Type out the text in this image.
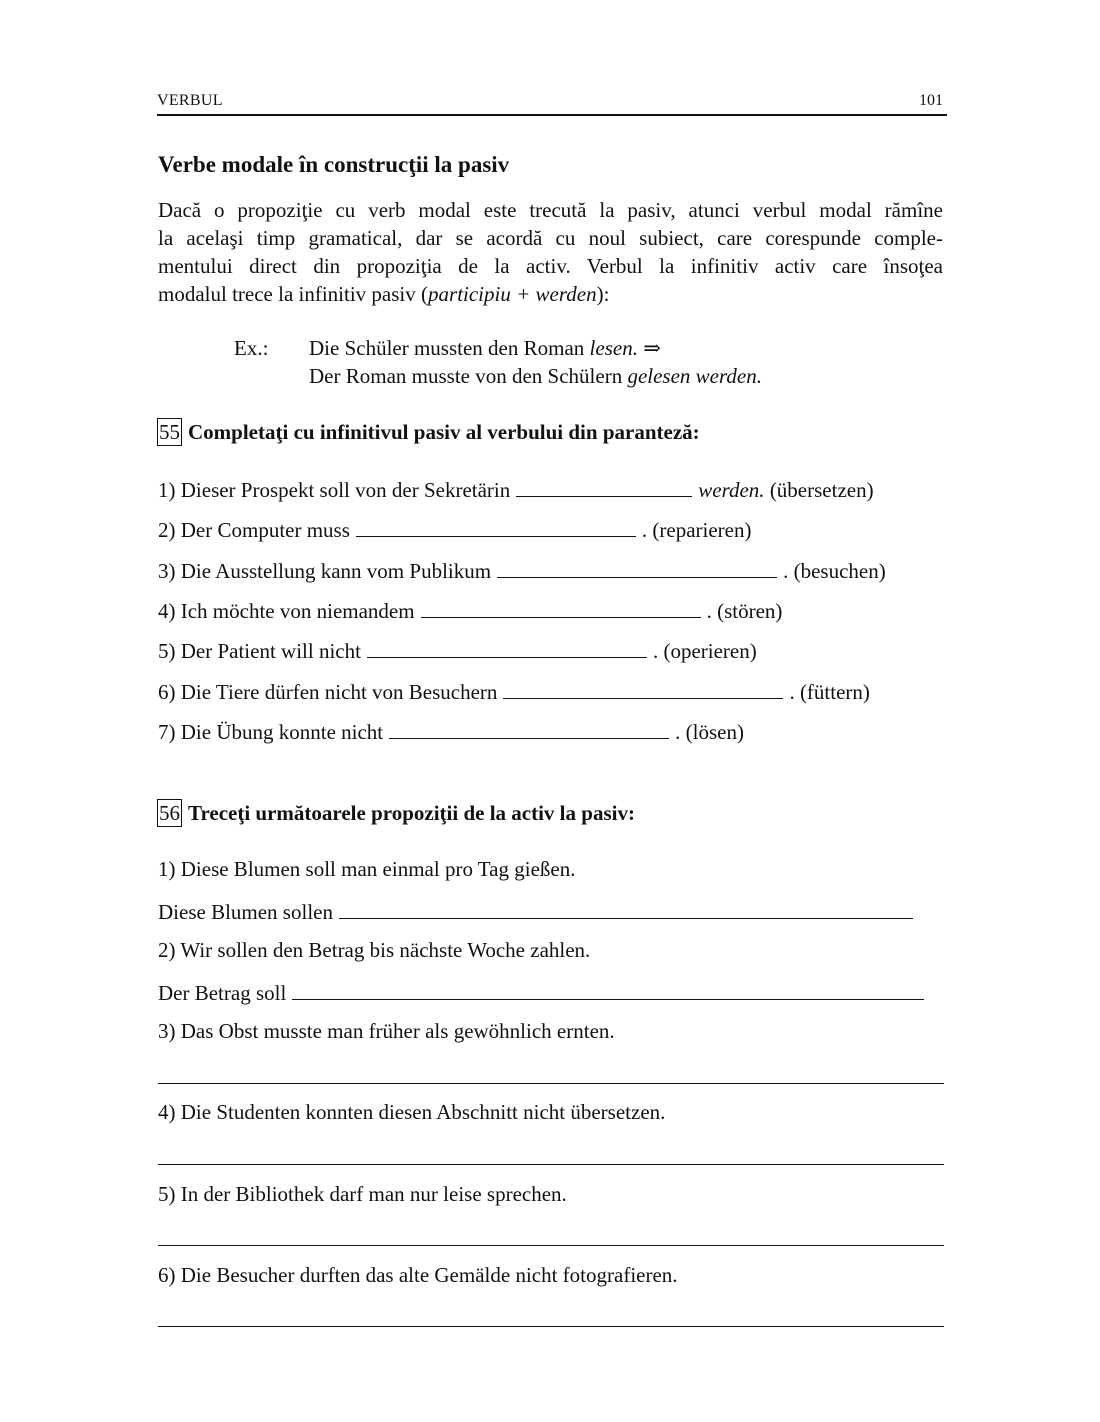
VERBUL	101
Verbe modale în construcţii la pasiv
Dacă o propoziţie cu verb modal este trecută la pasiv, atunci verbul modal rămîne
la acelaşi timp gramatical, dar se acordă cu noul subiect, care corespunde comple-
mentului direct din propoziţia de la activ. Verbul la infinitiv activ care însoţea
modalul trece la infinitiv pasiv (participiu + werden):
Ex.: Die Schüler mussten den Roman lesen. ⇒
Der Roman musste von den Schülern gelesen werden.
55 Completaţi cu infinitivul pasiv al verbului din paranteză:
1) Dieser Prospekt soll von der Sekretärin	werden. (übersetzen)
2) Der Computer muss	. (reparieren)
3) Die Ausstellung kann vom Publikum	. (besuchen)
4) Ich möchte von niemandem	. (stören)
5) Der Patient will nicht	. (operieren)
6) Die Tiere dürfen nicht von Besuchern	. (füttern)
7) Die Übung konnte nicht	. (lösen)
56 Treceţi următoarele propoziţii de la activ la pasiv:
1) Diese Blumen soll man einmal pro Tag gießen.
Diese Blumen sollen
2) Wir sollen den Betrag bis nächste Woche zahlen.
Der Betrag soll
3) Das Obst musste man früher als gewöhnlich ernten.
4) Die Studenten konnten diesen Abschnitt nicht übersetzen.
5) In der Bibliothek darf man nur leise sprechen.
6) Die Besucher durften das alte Gemälde nicht fotografieren.
